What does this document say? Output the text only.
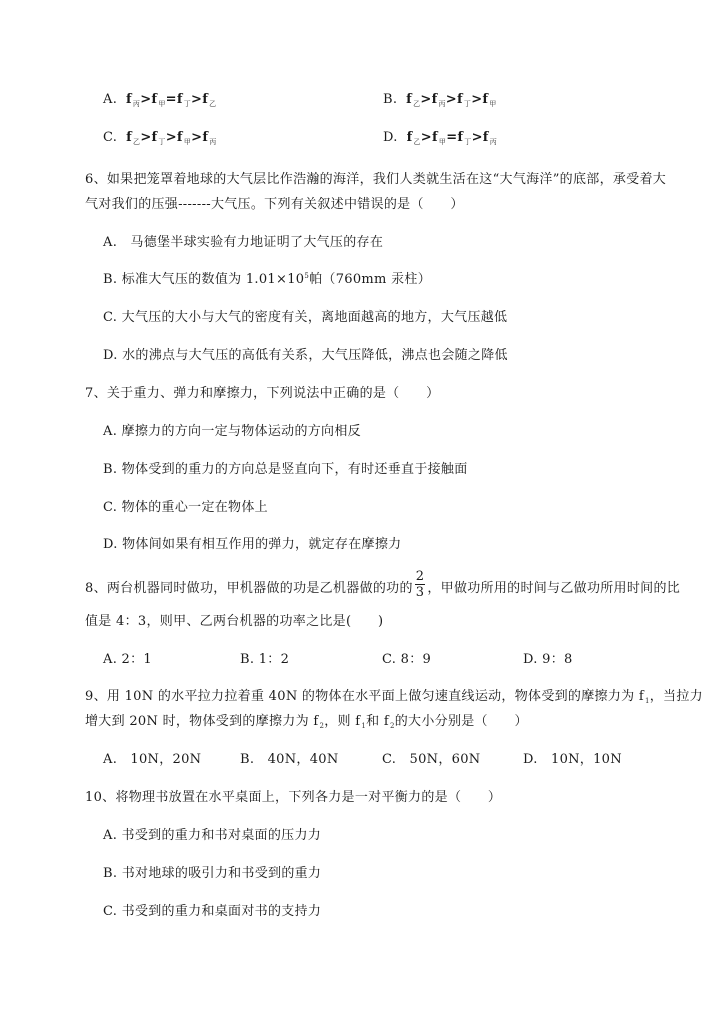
A. $f_丙>f_甲=f_丁>f_乙$	B. $f_乙>f_丙>f_丁>f_甲$
C. $f_乙>f_丁>f_甲>f_丙$	D. $f_乙>f_甲=f_丁>f_丙$
6、如果把笼罩着地球的大气层比作浩瀚的海洋，我们人类就生活在这“大气海洋”的底部，承受着大
气对我们的压强-------大气压。下列有关叙述中错误的是（　　）
A.　马德堡半球实验有力地证明了大气压的存在
B. 标准大气压的数值为 $1.01\times 10^5$帕（760mm 汞柱）
C. 大气压的大小与大气的密度有关，离地面越高的地方，大气压越低
D. 水的沸点与大气压的高低有关系，大气压降低，沸点也会随之降低
7、关于重力、弹力和摩擦力，下列说法中正确的是（　　）
A. 摩擦力的方向一定与物体运动的方向相反
B. 物体受到的重力的方向总是竖直向下，有时还垂直于接触面
C. 物体的重心一定在物体上
D. 物体间如果有相互作用的弹力，就定存在摩擦力
8、两台机器同时做功，甲机器做的功是乙机器做的功的 $\frac{2}{3}$ ，甲做功所用的时间与乙做功所用时间的比
值是 4：3，则甲、乙两台机器的功率之比是(　　)
A. 2：1	B. 1：2	C. 8：9	D. 9：8
9、用 10N 的水平拉力拉着重 40N 的物体在水平面上做匀速直线运动，物体受到的摩擦力为 $f_1$，当拉力
增大到 20N 时，物体受到的摩擦力为 $f_2$，则 $f_1$和 $f_2$的大小分别是（　　）
A.　10N，20N	B.　40N，40N	C.　50N，60N	D.　10N，10N
10、将物理书放置在水平桌面上，下列各力是一对平衡力的是（　　）
A. 书受到的重力和书对桌面的压力力
B. 书对地球的吸引力和书受到的重力
C. 书受到的重力和桌面对书的支持力
